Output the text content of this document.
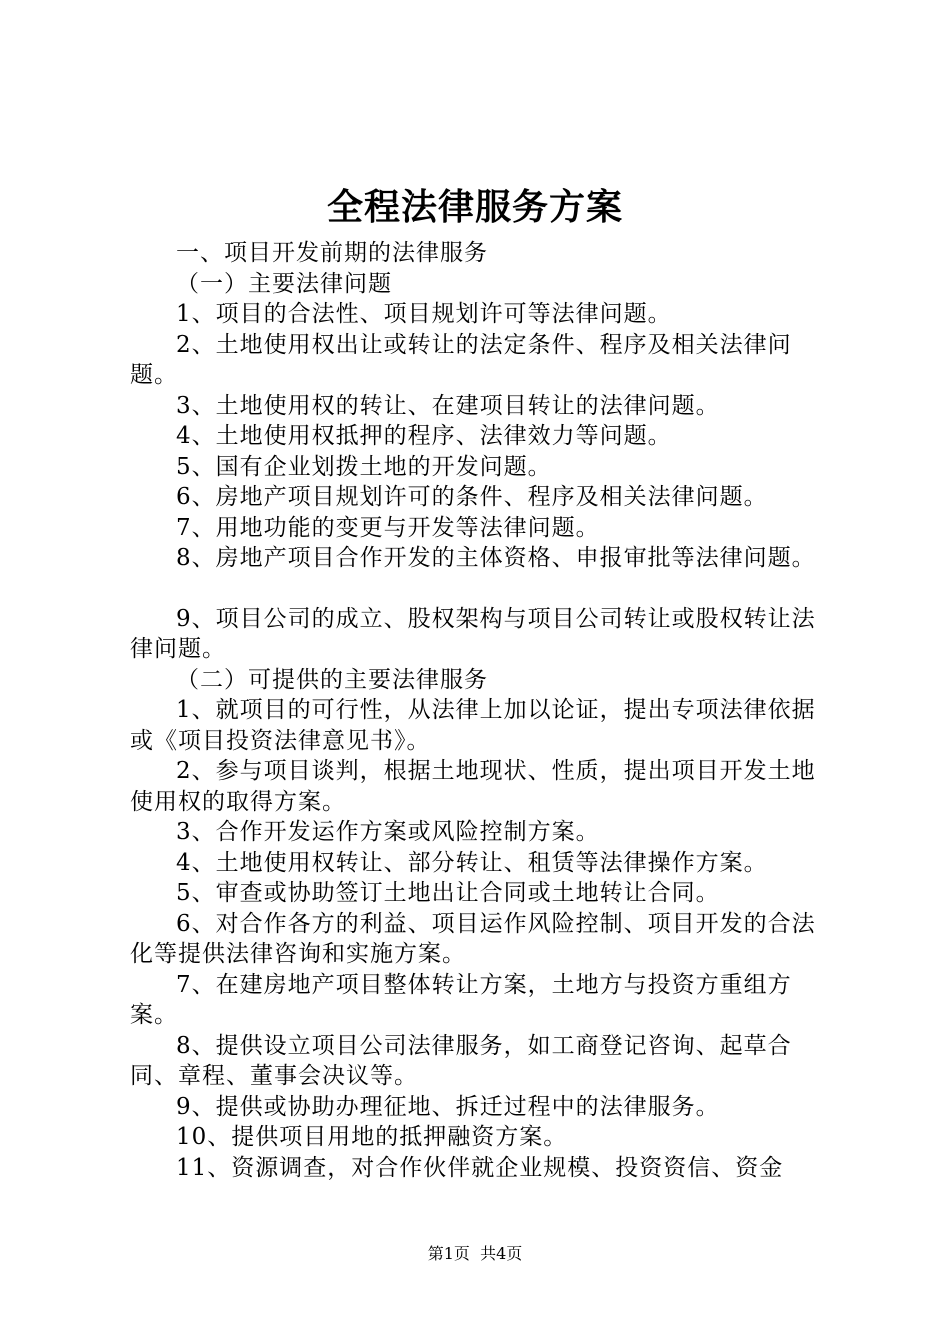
全程法律服务方案

一、项目开发前期的法律服务

（一）主要法律问题

1、项目的合法性、项目规划许可等法律问题。

2、土地使用权出让或转让的法定条件、程序及相关法律问题。

3、土地使用权的转让、在建项目转让的法律问题。

4、土地使用权抵押的程序、法律效力等问题。

5、国有企业划拨土地的开发问题。

6、房地产项目规划许可的条件、程序及相关法律问题。

7、用地功能的变更与开发等法律问题。

8、房地产项目合作开发的主体资格、申报审批等法律问题。

9、项目公司的成立、股权架构与项目公司转让或股权转让法律问题。

（二）可提供的主要法律服务

1、就项目的可行性，从法律上加以论证，提出专项法律依据或《项目投资法律意见书》。

2、参与项目谈判，根据土地现状、性质，提出项目开发土地使用权的取得方案。

3、合作开发运作方案或风险控制方案。

4、土地使用权转让、部分转让、租赁等法律操作方案。

5、审查或协助签订土地出让合同或土地转让合同。

6、对合作各方的利益、项目运作风险控制、项目开发的合法化等提供法律咨询和实施方案。

7、在建房地产项目整体转让方案，土地方与投资方重组方案。

8、提供设立项目公司法律服务，如工商登记咨询、起草合同、章程、董事会决议等。

9、提供或协助办理征地、拆迁过程中的法律服务。

10、提供项目用地的抵押融资方案。

11、资源调查，对合作伙伴就企业规模、投资资信、资金

第1页 共4页
